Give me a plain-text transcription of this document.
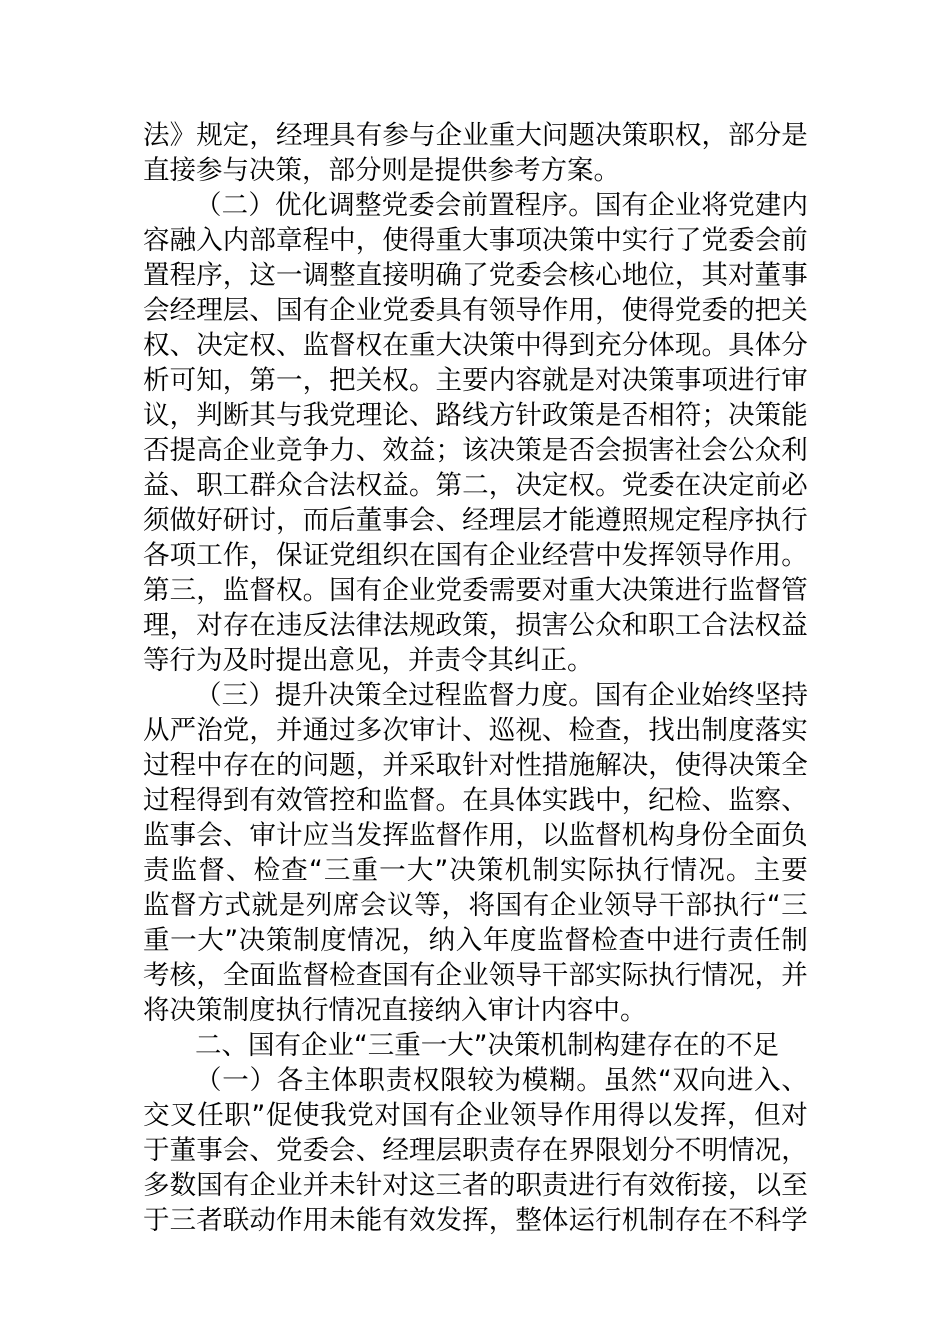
法 》 规 定 ， 经 理 具 有 参 与 企 业 重 大 问 题 决 策 职 权 ， 部 分 是
直接参与决策，部分则是提供参考方案。
（ 二 ） 优 化 调 整 党 委 会 前 置 程 序 。 国 有 企 业 将 党 建 内
容 融 入 内 部 章 程 中 ， 使 得 重 大 事 项 决 策 中 实 行 了 党 委 会 前
置 程 序 ， 这 一 调 整 直 接 明 确 了 党 委 会 核 心 地 位 ， 其 对 董 事
会 经 理 层 、 国 有 企 业 党 委 具 有 领 导 作 用 ， 使 得 党 委 的 把 关
权 、 决 定 权 、 监 督 权 在 重 大 决 策 中 得 到 充 分 体 现 。 具 体 分
析 可 知 ， 第 一 ， 把 关 权 。 主 要 内 容 就 是 对 决 策 事 项 进 行 审
议 ， 判 断 其 与 我 党 理 论 、 路 线 方 针 政 策 是 否 相 符 ； 决 策 能
否 提 高 企 业 竞 争 力 、 效 益 ； 该 决 策 是 否 会 损 害 社 会 公 众 利
益 、 职 工 群 众 合 法 权 益 。 第 二 ， 决 定 权 。 党 委 在 决 定 前 必
须 做 好 研 讨 ， 而 后 董 事 会 、 经 理 层 才 能 遵 照 规 定 程 序 执 行
各 项 工 作 ， 保 证 党 组 织 在 国 有 企 业 经 营 中 发 挥 领 导 作 用 。
第 三 ， 监 督 权 。 国 有 企 业 党 委 需 要 对 重 大 决 策 进 行 监 督 管
理 ， 对 存 在 违 反 法 律 法 规 政 策 ， 损 害 公 众 和 职 工 合 法 权 益
等行为及时提出意见，并责令其纠正。
（ 三 ） 提 升 决 策 全 过 程 监 督 力 度 。 国 有 企 业 始 终 坚 持
从 严 治 党 ， 并 通 过 多 次 审 计 、 巡 视 、 检 查 ， 找 出 制 度 落 实
过 程 中 存 在 的 问 题 ， 并 采 取 针 对 性 措 施 解 决 ， 使 得 决 策 全
过 程 得 到 有 效 管 控 和 监 督 。 在 具 体 实 践 中 ， 纪 检 、 监 察 、
监 事 会 、 审 计 应 当 发 挥 监 督 作 用 ， 以 监 督 机 构 身 份 全 面 负
责 监 督 、 检 查 “ 三 重 一 大 ” 决 策 机 制 实 际 执 行 情 况 。 主 要
监 督 方 式 就 是 列 席 会 议 等 ， 将 国 有 企 业 领 导 干 部 执 行 “ 三
重 一 大 ” 决 策 制 度 情 况 ， 纳 入 年 度 监 督 检 查 中 进 行 责 任 制
考 核 ， 全 面 监 督 检 查 国 有 企 业 领 导 干 部 实 际 执 行 情 况 ， 并
将决策制度执行情况直接纳入审计内容中。
二、国有企业“三重一大”决策机制构建存在的不足
（ 一 ） 各 主 体 职 责 权 限 较 为 模 糊 。 虽 然 “ 双 向 进 入 、
交 叉 任 职 ” 促 使 我 党 对 国 有 企 业 领 导 作 用 得 以 发 挥 ， 但 对
于 董 事 会 、 党 委 会 、 经 理 层 职 责 存 在 界 限 划 分 不 明 情 况 ，
多 数 国 有 企 业 并 未 针 对 这 三 者 的 职 责 进 行 有 效 衔 接 ， 以 至
于 三 者 联 动 作 用 未 能 有 效 发 挥 ， 整 体 运 行 机 制 存 在 不 科 学
